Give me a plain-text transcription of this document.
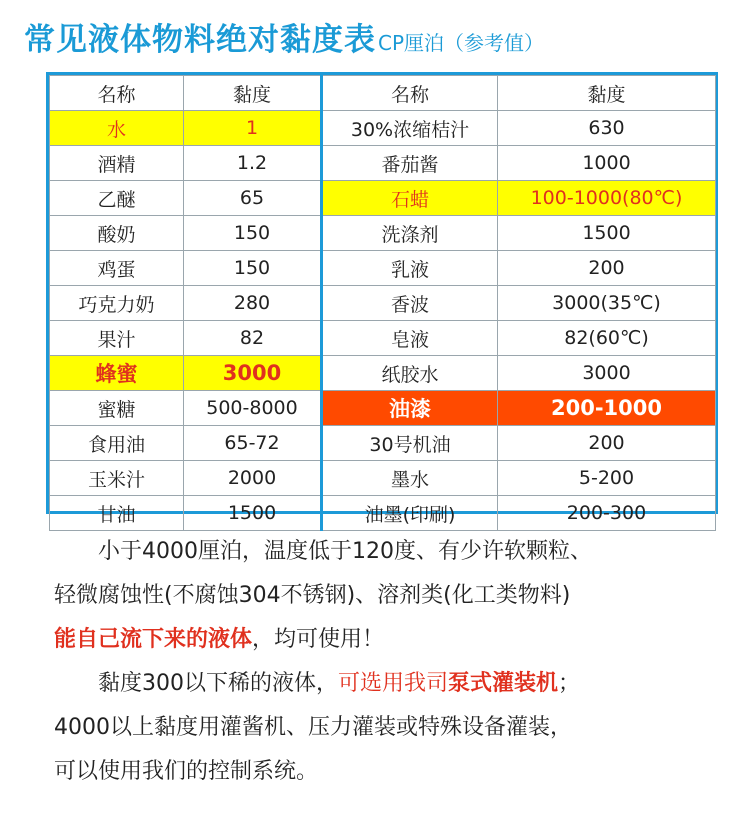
常见液体物料绝对黏度表 CP厘泊（参考值）
名称	黏度	名称	黏度
水	1	30%浓缩桔汁	630
酒精	1.2	番茄酱	1000
乙醚	65	石蜡	100-1000(80℃)
酸奶	150	洗涤剂	1500
鸡蛋	150	乳液	200
巧克力奶	280	香波	3000(35℃)
果汁	82	皂液	82(60℃)
蜂蜜	3000	纸胶水	3000
蜜糖	500-8000	油漆	200-1000
食用油	65-72	30号机油	200
玉米汁	2000	墨水	5-200
甘油	1500	油墨(印刷)	200-300
　　小于4000厘泊，温度低于120度、有少许软颗粒、
轻微腐蚀性(不腐蚀304不锈钢)、溶剂类(化工类物料)
能自己流下来的液体，均可使用！
　　黏度300以下稀的液体，可选用我司泵式灌装机；
4000以上黏度用灌酱机、压力灌装或特殊设备灌装，
可以使用我们的控制系统。
